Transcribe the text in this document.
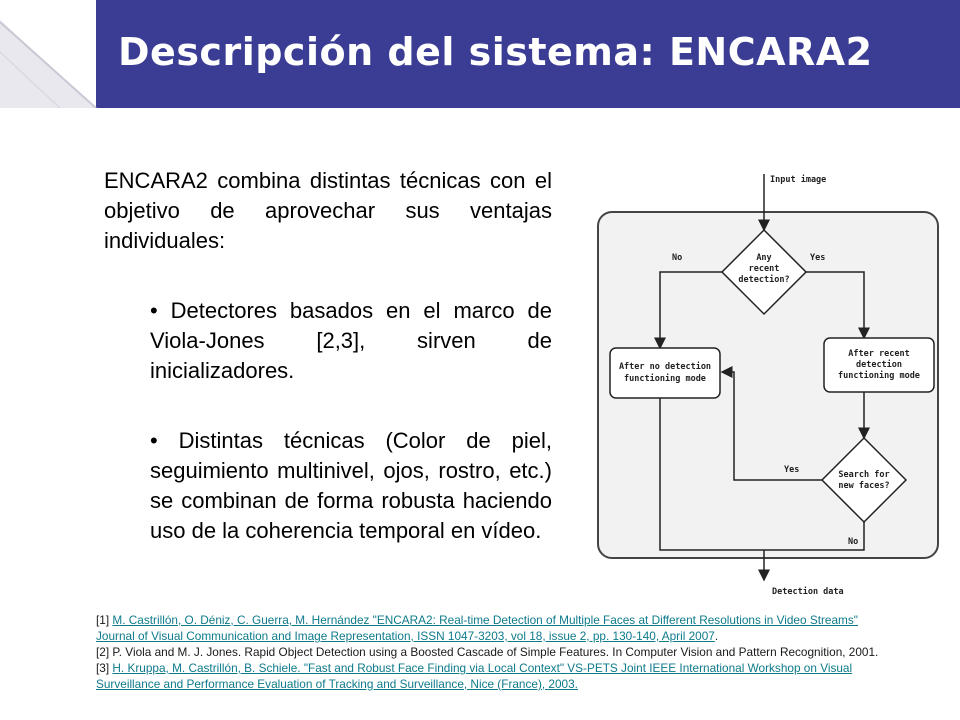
Descripción del sistema: ENCARA2
ENCARA2 combina distintas técnicas con el objetivo de aprovechar sus ventajas individuales:
• Detectores basados en el marco de Viola-Jones [2,3], sirven de inicializadores.
• Distintas técnicas (Color de piel, seguimiento multinivel, ojos, rostro, etc.) se combinan de forma robusta haciendo uso de la coherencia temporal en vídeo.
Input image
Any
recent
detection?
No	Yes
After no detection
functioning mode
After recent
detection
functioning mode
Search for
new faces?
Yes
No
Detection data
[1] M. Castrillón, O. Déniz, C. Guerra, M. Hernández "ENCARA2: Real-time Detection of Multiple Faces at Different Resolutions in Video Streams" Journal of Visual Communication and Image Representation, ISSN 1047-3203, vol 18, issue 2, pp. 130-140, April 2007.
[2] P. Viola and M. J. Jones. Rapid Object Detection using a Boosted Cascade of Simple Features. In Computer Vision and Pattern Recognition, 2001.
[3] H. Kruppa, M. Castrillón, B. Schiele. "Fast and Robust Face Finding via Local Context" VS-PETS Joint IEEE International Workshop on Visual Surveillance and Performance Evaluation of Tracking and Surveillance, Nice (France), 2003.
